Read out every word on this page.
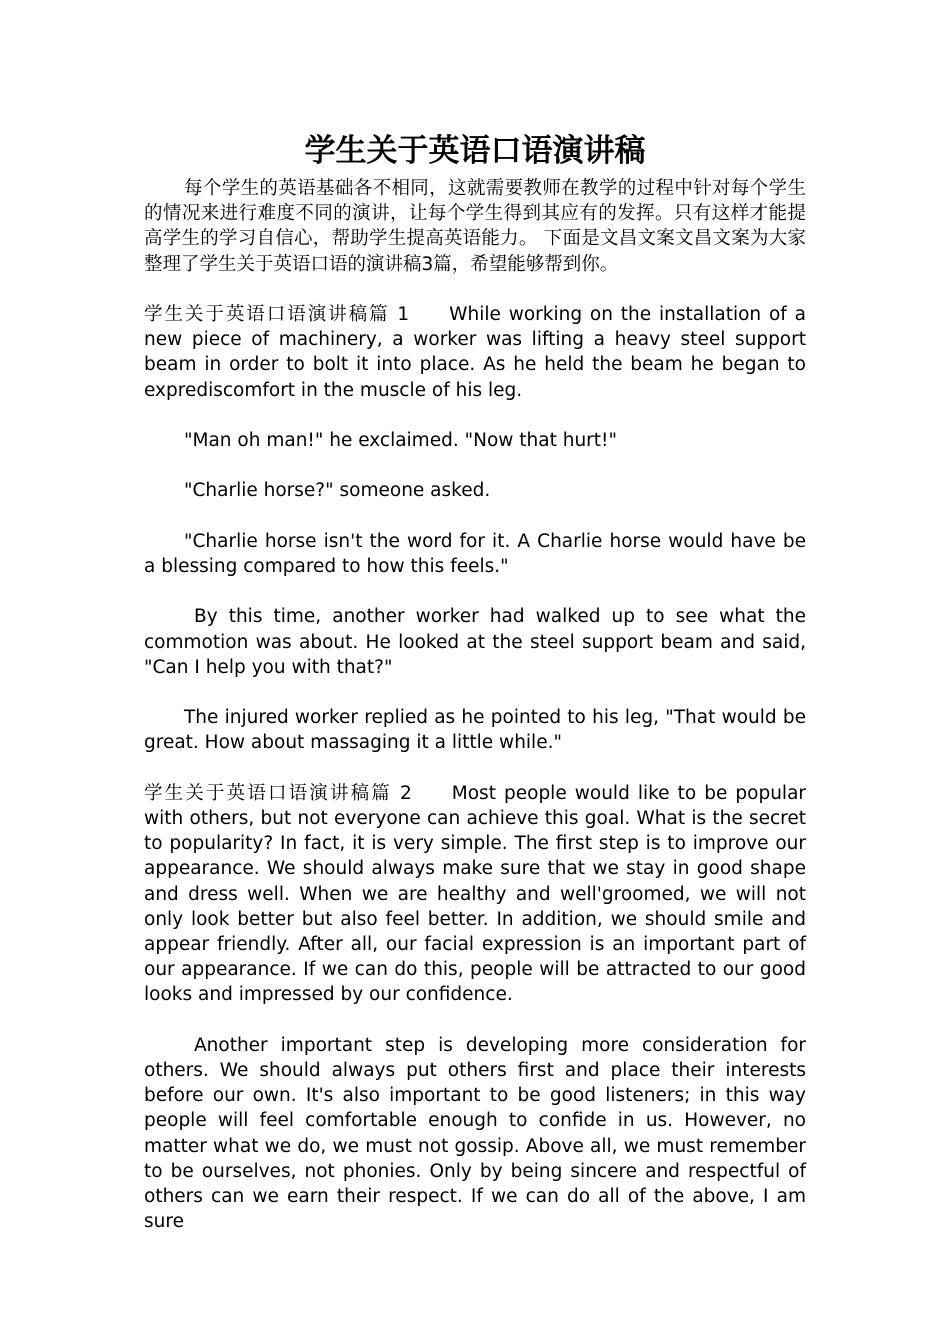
学生关于英语口语演讲稿

每个学生的英语基础各不相同，这就需要教师在教学的过程中针对每个学生的情况来进行难度不同的演讲，让每个学生得到其应有的发挥。只有这样才能提高学生的学习自信心，帮助学生提高英语能力。 下面是文昌文案文昌文案为大家整理了学生关于英语口语的演讲稿3篇，希望能够帮到你。

学生关于英语口语演讲稿篇 1 While working on the installation of a new piece of machinery, a worker was lifting a heavy steel support beam in order to bolt it into place. As he held the beam he began to exprediscomfort in the muscle of his leg.

"Man oh man!" he exclaimed. "Now that hurt!"

"Charlie horse?" someone asked.

"Charlie horse isn't the word for it. A Charlie horse would have be a blessing compared to how this feels."

By this time, another worker had walked up to see what the commotion was about. He looked at the steel support beam and said, "Can I help you with that?"

The injured worker replied as he pointed to his leg, "That would be great. How about massaging it a little while."

学生关于英语口语演讲稿篇 2 Most people would like to be popular with others, but not everyone can achieve this goal. What is the secret to popularity? In fact, it is very simple. The first step is to improve our appearance. We should always make sure that we stay in good shape and dress well. When we are healthy and well'groomed, we will not only look better but also feel better. In addition, we should smile and appear friendly. After all, our facial expression is an important part of our appearance. If we can do this, people will be attracted to our good looks and impressed by our confidence.

Another important step is developing more consideration for others. We should always put others first and place their interests before our own. It's also important to be good listeners; in this way people will feel comfortable enough to confide in us. However, no matter what we do, we must not gossip. Above all, we must remember to be ourselves, not phonies. Only by being sincere and respectful of others can we earn their respect. If we can do all of the above, I am sure
